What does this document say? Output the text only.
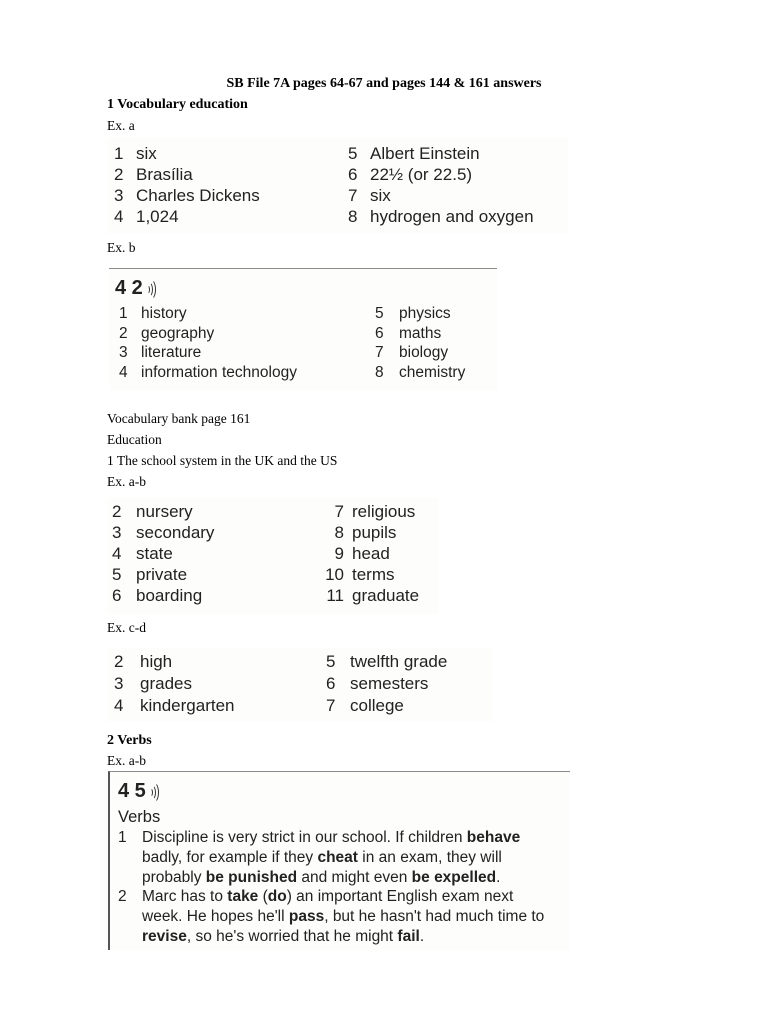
SB File 7A pages 64-67 and pages 144 & 161 answers
1 Vocabulary education
Ex. a
1 six
2 Brasília
3 Charles Dickens
4 1,024
5 Albert Einstein
6 22½ (or 22.5)
7 six
8 hydrogen and oxygen
Ex. b
4 2
1 history
2 geography
3 literature
4 information technology
5 physics
6 maths
7 biology
8 chemistry
Vocabulary bank page 161
Education
1 The school system in the UK and the US
Ex. a-b
2 nursery
3 secondary
4 state
5 private
6 boarding
7 religious
8 pupils
9 head
10 terms
11 graduate
Ex. c-d
2 high
3 grades
4 kindergarten
5 twelfth grade
6 semesters
7 college
2 Verbs
Ex. a-b
4 5
Verbs
1 Discipline is very strict in our school. If children behave
badly, for example if they cheat in an exam, they will
probably be punished and might even be expelled.
2 Marc has to take (do) an important English exam next
week. He hopes he'll pass, but he hasn't had much time to
revise, so he's worried that he might fail.
